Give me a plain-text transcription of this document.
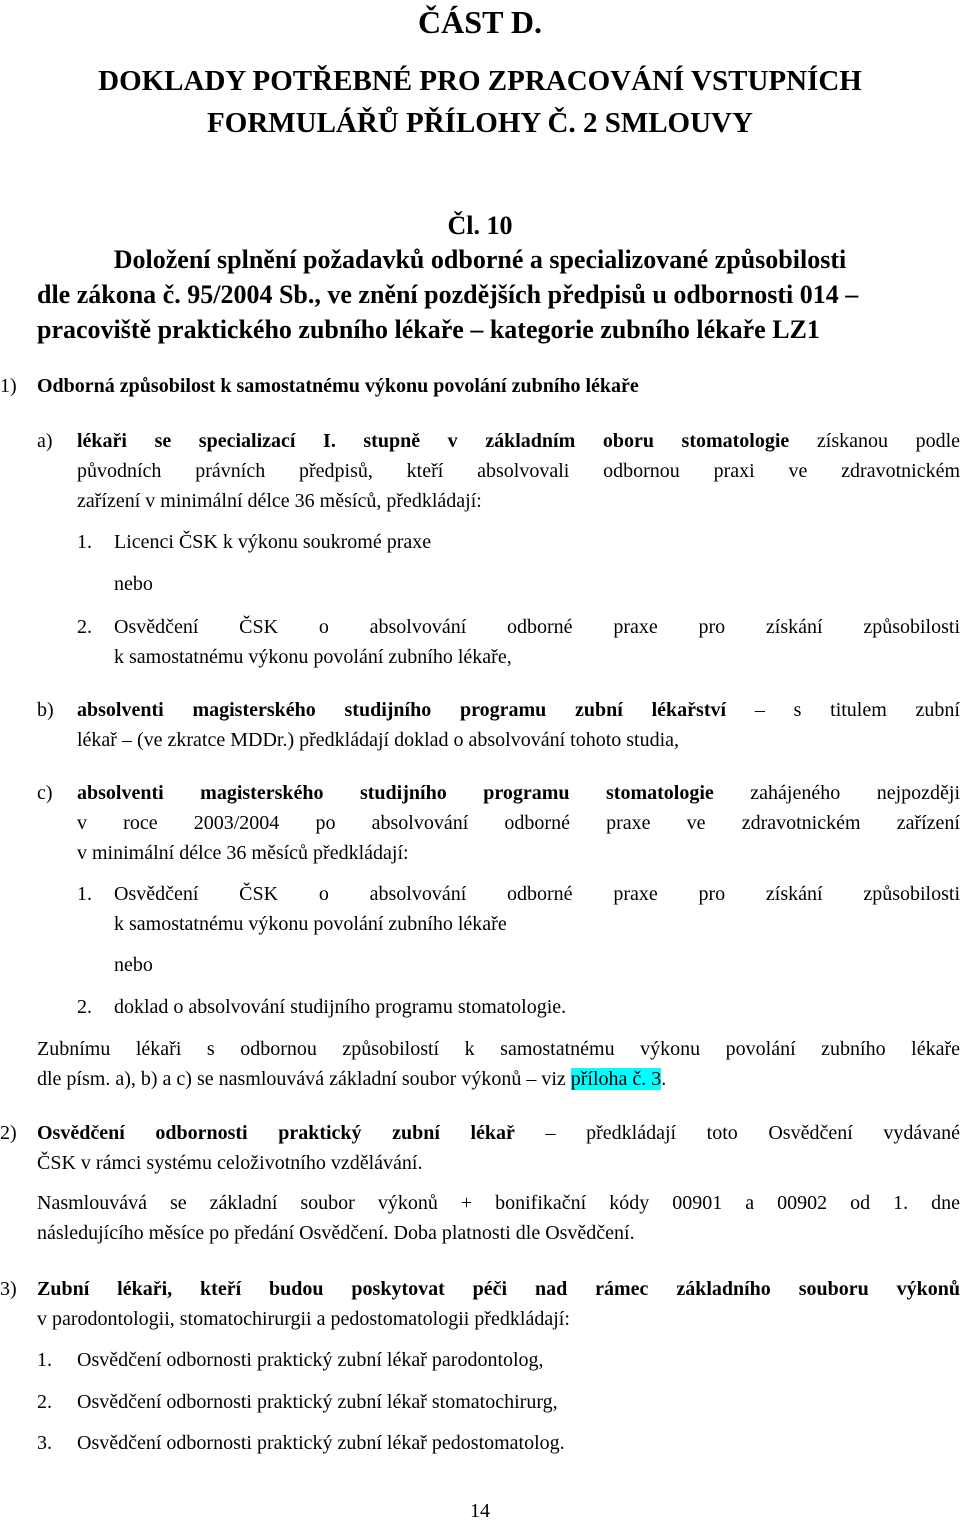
ČÁST D.
DOKLADY POTŘEBNÉ PRO ZPRACOVÁNÍ VSTUPNÍCH
FORMULÁŘŮ PŘÍLOHY Č. 2 SMLOUVY
Čl. 10
Doložení splnění požadavků odborné a specializované způsobilosti
dle zákona č. 95/2004 Sb., ve znění pozdějších předpisů u odbornosti 014 –
pracoviště praktického zubního lékaře – kategorie zubního lékaře LZ1
1) Odborná způsobilost k samostatnému výkonu povolání zubního lékaře
a) lékaři se specializací I. stupně v základním oboru stomatologie získanou podle
původních právních předpisů, kteří absolvovali odbornou praxi ve zdravotnickém
zařízení v minimální délce 36 měsíců, předkládají:
1. Licenci ČSK k výkonu soukromé praxe
nebo
2. Osvědčení ČSK o absolvování odborné praxe pro získání způsobilosti
k samostatnému výkonu povolání zubního lékaře,
b) absolventi magisterského studijního programu zubní lékařství – s titulem zubní
lékař – (ve zkratce MDDr.) předkládají doklad o absolvování tohoto studia,
c) absolventi magisterského studijního programu stomatologie zahájeného nejpozději
v roce 2003/2004 po absolvování odborné praxe ve zdravotnickém zařízení
v minimální délce 36 měsíců předkládají:
1. Osvědčení ČSK o absolvování odborné praxe pro získání způsobilosti
k samostatnému výkonu povolání zubního lékaře
nebo
2. doklad o absolvování studijního programu stomatologie.
Zubnímu lékaři s odbornou způsobilostí k samostatnému výkonu povolání zubního lékaře
dle písm. a), b) a c) se nasmlouvává základní soubor výkonů – viz příloha č. 3.
2) Osvědčení odbornosti praktický zubní lékař – předkládají toto Osvědčení vydávané
ČSK v rámci systému celoživotního vzdělávání.
Nasmlouvává se základní soubor výkonů + bonifikační kódy 00901 a 00902 od 1. dne
následujícího měsíce po předání Osvědčení. Doba platnosti dle Osvědčení.
3) Zubní lékaři, kteří budou poskytovat péči nad rámec základního souboru výkonů
v parodontologii, stomatochirurgii a pedostomatologii předkládají:
1. Osvědčení odbornosti praktický zubní lékař parodontolog,
2. Osvědčení odbornosti praktický zubní lékař stomatochirurg,
3. Osvědčení odbornosti praktický zubní lékař pedostomatolog.
14
